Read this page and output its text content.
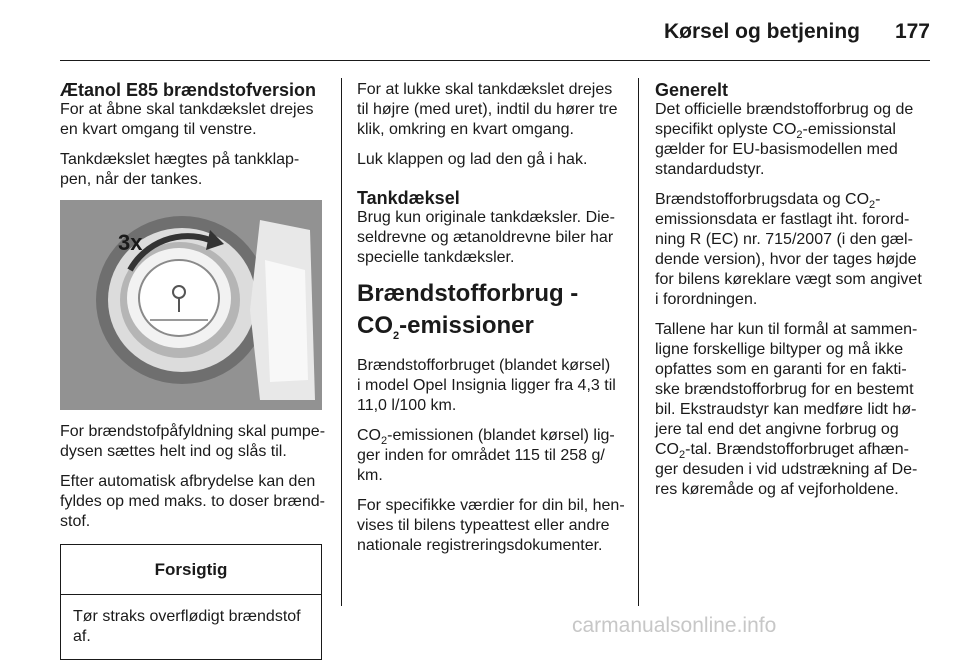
Kørsel og betjening	177
Ætanol E85 brændstofversion

For at åbne skal tankdækslet drejes
en kvart omgang til venstre.

Tankdækslet hægtes på tankklap-
pen, når der tankes.

3x

For brændstofpåfyldning skal pumpe-
dysen sættes helt ind og slås til.

Efter automatisk afbrydelse kan den
fyldes op med maks. to doser brænd-
stof.

Forsigtig
Tør straks overflødigt brændstof
af.

For at lukke skal tankdækslet drejes
til højre (med uret), indtil du hører tre
klik, omkring en kvart omgang.

Luk klappen og lad den gå i hak.

Tankdæksel

Brug kun originale tankdæksler. Die-
seldrevne og ætanoldrevne biler har
specielle tankdæksler.

Brændstofforbrug -
$CO_2$-emissioner

Brændstofforbruget (blandet kørsel)
i model Opel Insignia ligger fra 4,3 til
11,0 l/100 km.

$CO_2$-emissionen (blandet kørsel) lig-
ger inden for området 115 til 258 g/
km.

For specifikke værdier for din bil, hen-
vises til bilens typeattest eller andre
nationale registreringsdokumenter.

Generelt

Det officielle brændstofforbrug og de
specifikt oplyste $CO_2$-emissionstal
gælder for EU-basismodellen med
standardudstyr.

Brændstofforbrugsdata og $CO_2-$
emissionsdata er fastlagt iht. forord-
ning R (EC) nr. 715/2007 (i den gæl-
dende version), hvor der tages højde
for bilens køreklare vægt som angivet
i forordningen.

Tallene har kun til formål at sammen-
ligne forskellige biltyper og må ikke
opfattes som en garanti for en fakti-
ske brændstofforbrug for en bestemt
bil. Ekstraudstyr kan medføre lidt hø-
jere tal end det angivne forbrug og
$CO_2$-tal. Brændstofforbruget afhæn-
ger desuden i vid udstrækning af De-
res køremåde og af vejforholdene.

carmanualsonline.info
